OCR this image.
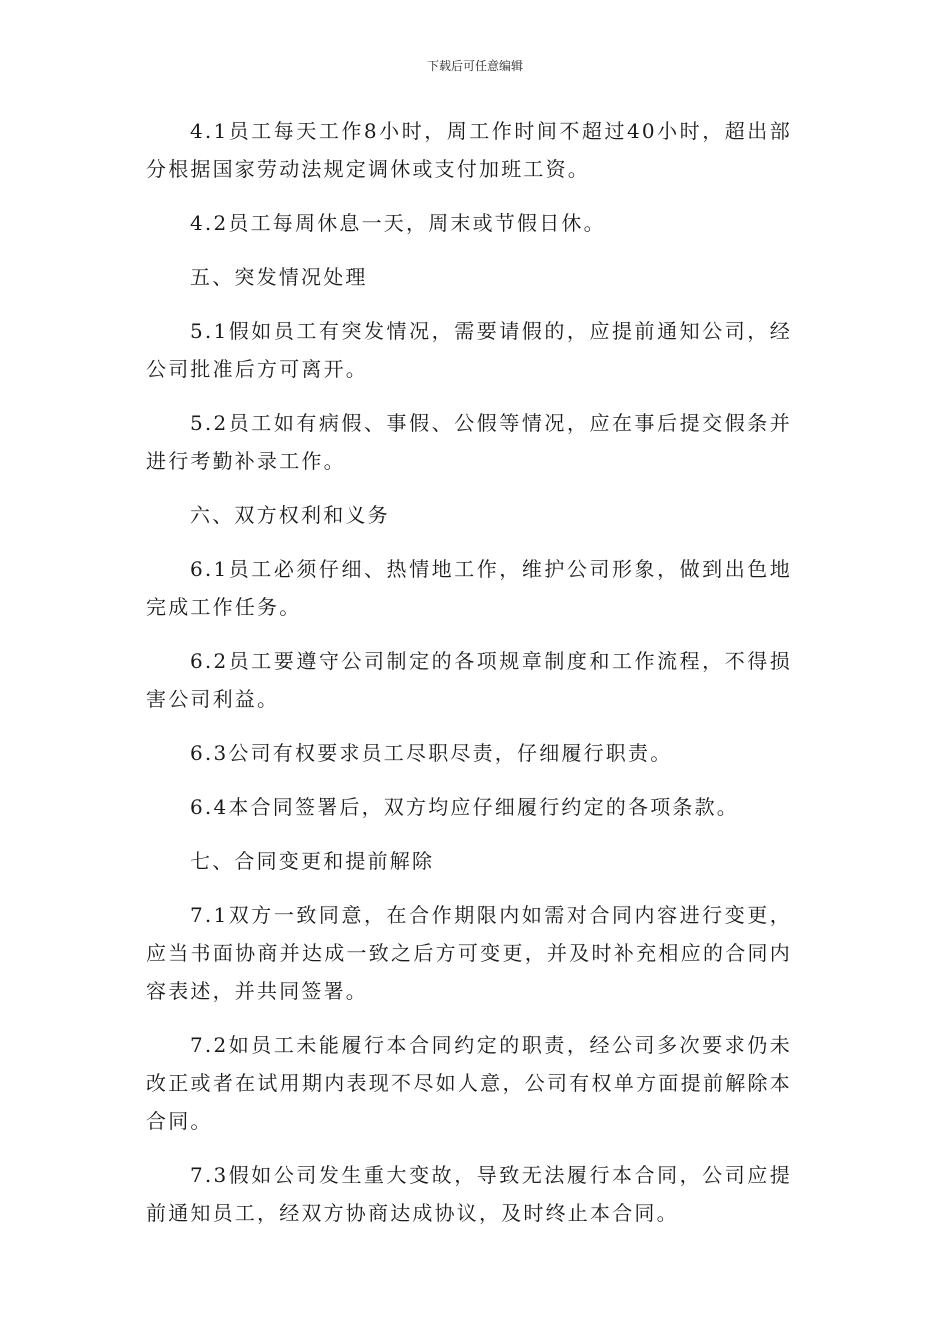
下载后可任意编辑

4.1员工每天工作8小时，周工作时间不超过40小时，超出部分根据国家劳动法规定调休或支付加班工资。

4.2员工每周休息一天，周末或节假日休。

五、突发情况处理

5.1假如员工有突发情况，需要请假的，应提前通知公司，经公司批准后方可离开。

5.2员工如有病假、事假、公假等情况，应在事后提交假条并进行考勤补录工作。

六、双方权利和义务

6.1员工必须仔细、热情地工作，维护公司形象，做到出色地完成工作任务。

6.2员工要遵守公司制定的各项规章制度和工作流程，不得损害公司利益。

6.3公司有权要求员工尽职尽责，仔细履行职责。

6.4本合同签署后，双方均应仔细履行约定的各项条款。

七、合同变更和提前解除

7.1双方一致同意，在合作期限内如需对合同内容进行变更，应当书面协商并达成一致之后方可变更，并及时补充相应的合同内容表述，并共同签署。

7.2如员工未能履行本合同约定的职责，经公司多次要求仍未改正或者在试用期内表现不尽如人意，公司有权单方面提前解除本合同。

7.3假如公司发生重大变故，导致无法履行本合同，公司应提前通知员工，经双方协商达成协议，及时终止本合同。
